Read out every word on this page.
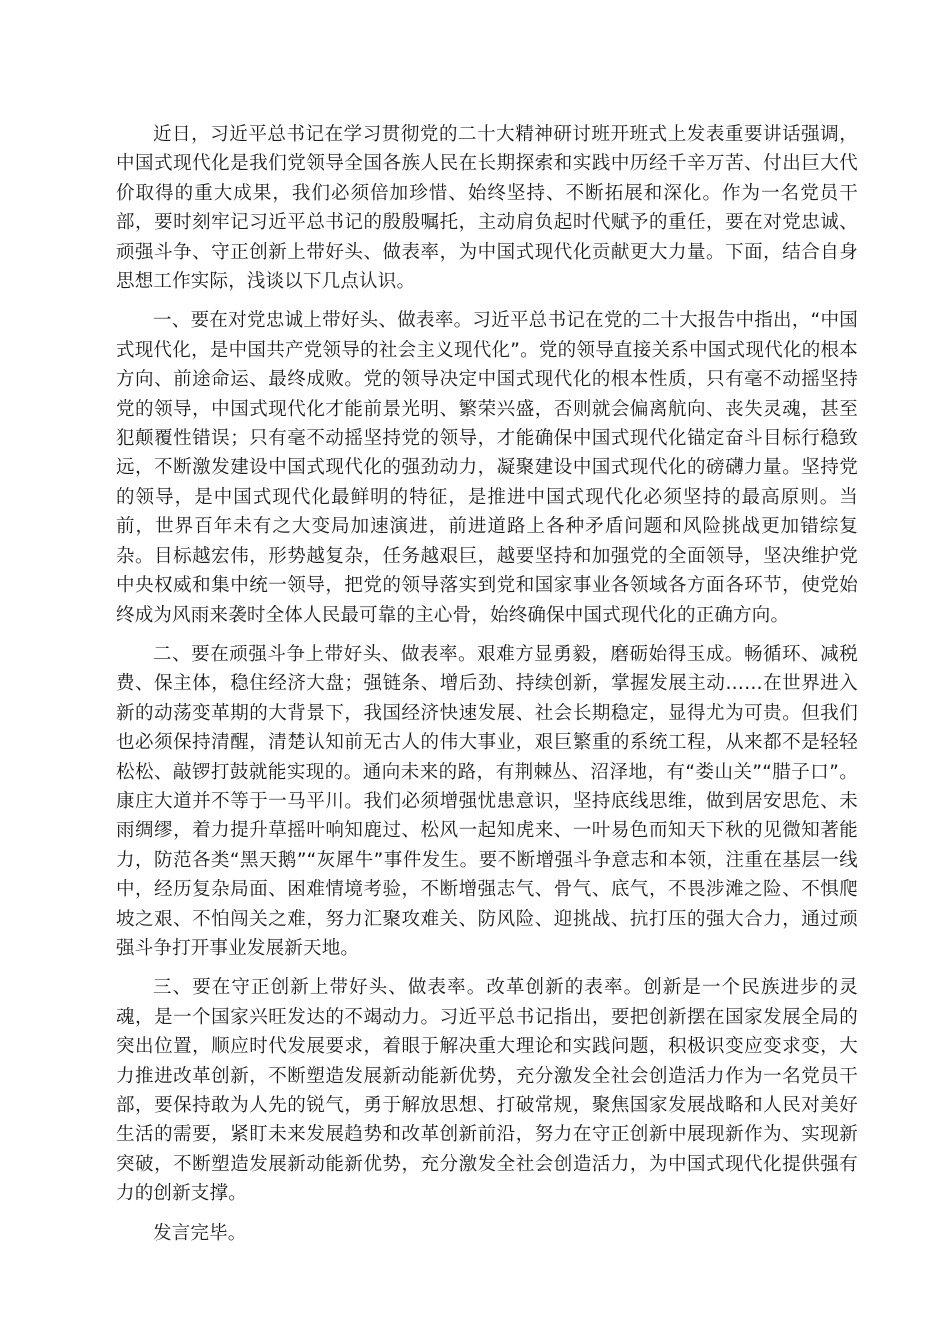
近日，习近平总书记在学习贯彻党的二十大精神研讨班开班式上发表重要讲话强调，中国式现代化是我们党领导全国各族人民在长期探索和实践中历经千辛万苦、付出巨大代价取得的重大成果，我们必须倍加珍惜、始终坚持、不断拓展和深化。作为一名党员干部，要时刻牢记习近平总书记的殷殷嘱托，主动肩负起时代赋予的重任，要在对党忠诚、顽强斗争、守正创新上带好头、做表率，为中国式现代化贡献更大力量。下面，结合自身思想工作实际，浅谈以下几点认识。

一、要在对党忠诚上带好头、做表率。习近平总书记在党的二十大报告中指出，“中国式现代化，是中国共产党领导的社会主义现代化”。党的领导直接关系中国式现代化的根本方向、前途命运、最终成败。党的领导决定中国式现代化的根本性质，只有毫不动摇坚持党的领导，中国式现代化才能前景光明、繁荣兴盛，否则就会偏离航向、丧失灵魂，甚至犯颠覆性错误；只有毫不动摇坚持党的领导，才能确保中国式现代化锚定奋斗目标行稳致远，不断激发建设中国式现代化的强劲动力，凝聚建设中国式现代化的磅礴力量。坚持党的领导，是中国式现代化最鲜明的特征，是推进中国式现代化必须坚持的最高原则。当前，世界百年未有之大变局加速演进，前进道路上各种矛盾问题和风险挑战更加错综复杂。目标越宏伟，形势越复杂，任务越艰巨，越要坚持和加强党的全面领导，坚决维护党中央权威和集中统一领导，把党的领导落实到党和国家事业各领域各方面各环节，使党始终成为风雨来袭时全体人民最可靠的主心骨，始终确保中国式现代化的正确方向。

二、要在顽强斗争上带好头、做表率。艰难方显勇毅，磨砺始得玉成。畅循环、减税费、保主体，稳住经济大盘；强链条、增后劲、持续创新，掌握发展主动……在世界进入新的动荡变革期的大背景下，我国经济快速发展、社会长期稳定，显得尤为可贵。但我们也必须保持清醒，清楚认知前无古人的伟大事业，艰巨繁重的系统工程，从来都不是轻轻松松、敲锣打鼓就能实现的。通向未来的路，有荆棘丛、沼泽地，有“娄山关”“腊子口”。康庄大道并不等于一马平川。我们必须增强忧患意识，坚持底线思维，做到居安思危、未雨绸缪，着力提升草摇叶响知鹿过、松风一起知虎来、一叶易色而知天下秋的见微知著能力，防范各类“黑天鹅”“灰犀牛”事件发生。要不断增强斗争意志和本领，注重在基层一线中，经历复杂局面、困难情境考验，不断增强志气、骨气、底气，不畏涉滩之险、不惧爬坡之艰、不怕闯关之难，努力汇聚攻难关、防风险、迎挑战、抗打压的强大合力，通过顽强斗争打开事业发展新天地。

三、要在守正创新上带好头、做表率。改革创新的表率。创新是一个民族进步的灵魂，是一个国家兴旺发达的不竭动力。习近平总书记指出，要把创新摆在国家发展全局的突出位置，顺应时代发展要求，着眼于解决重大理论和实践问题，积极识变应变求变，大力推进改革创新，不断塑造发展新动能新优势，充分激发全社会创造活力作为一名党员干部，要保持敢为人先的锐气，勇于解放思想、打破常规，聚焦国家发展战略和人民对美好生活的需要，紧盯未来发展趋势和改革创新前沿，努力在守正创新中展现新作为、实现新突破，不断塑造发展新动能新优势，充分激发全社会创造活力，为中国式现代化提供强有力的创新支撑。

发言完毕。
